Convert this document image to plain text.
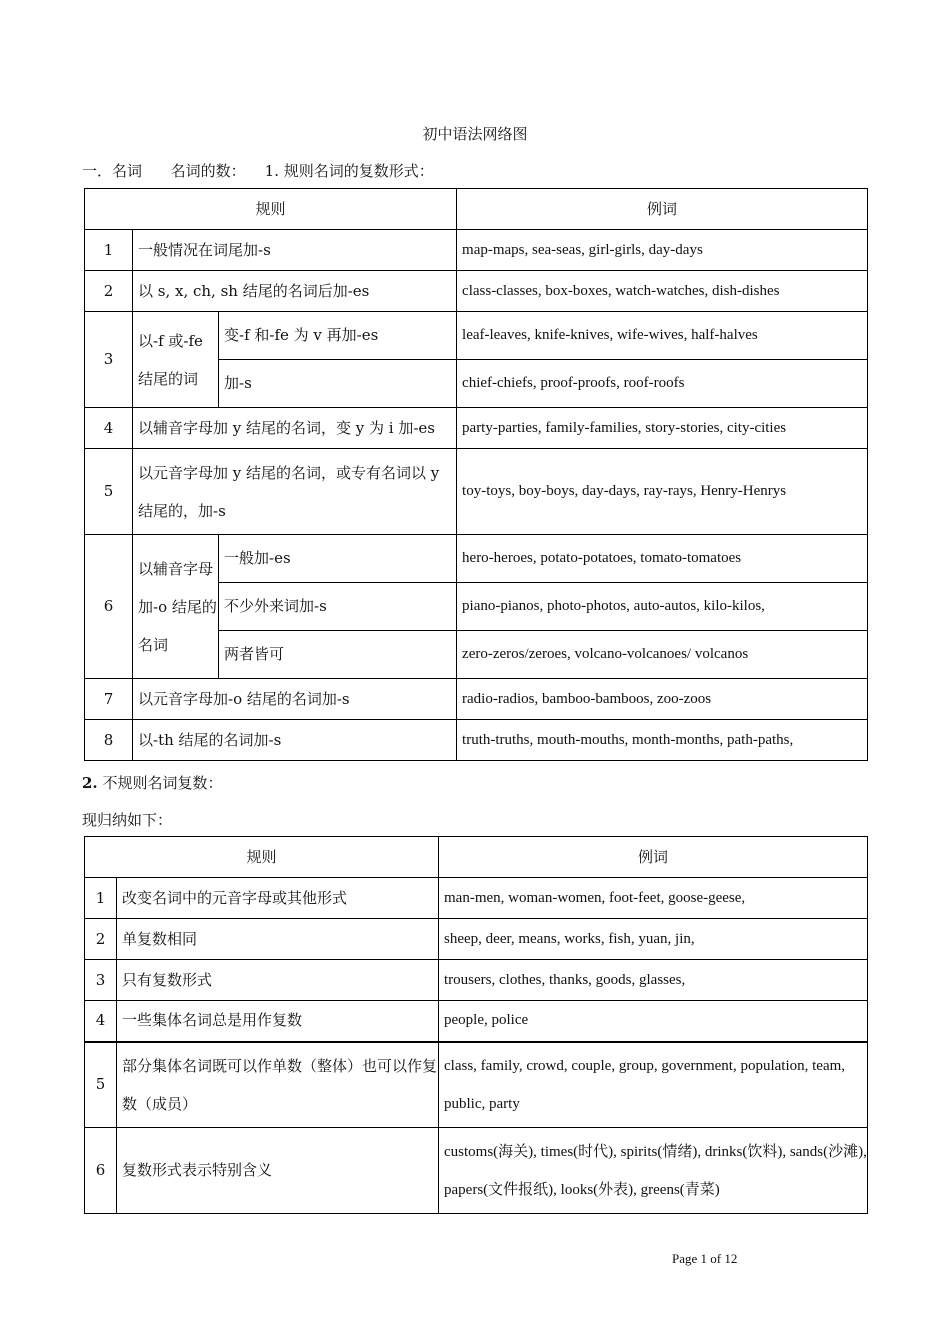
初中语法网络图
一．名词      名词的数：    1. 规则名词的复数形式：
规则			例词
1	一般情况在词尾加-s		map-maps, sea-seas, girl-girls, day-days
2	以 s, x, ch, sh 结尾的名词后加-es		class-classes, box-boxes, watch-watches, dish-dishes
3	以-f 或-fe 结尾的词	变-f 和-fe 为 v 再加-es	leaf-leaves, knife-knives, wife-wives, half-halves
		加-s	chief-chiefs, proof-proofs, roof-roofs
4	以辅音字母加 y 结尾的名词，变 y 为 i 加-es		party-parties, family-families, story-stories, city-cities
5	以元音字母加 y 结尾的名词，或专有名词以 y 结尾的，加-s		toy-toys, boy-boys, day-days, ray-rays, Henry-Henrys
6	以辅音字母加-o 结尾的名词	一般加-es	hero-heroes, potato-potatoes, tomato-tomatoes
		不少外来词加-s	piano-pianos, photo-photos, auto-autos, kilo-kilos,
		两者皆可	zero-zeros/zeroes, volcano-volcanoes/ volcanos
7	以元音字母加-o 结尾的名词加-s		radio-radios, bamboo-bamboos, zoo-zoos
8	以-th 结尾的名词加-s		truth-truths, mouth-mouths, month-months, path-paths,
2. 不规则名词复数：
现归纳如下：
规则		例词
1	改变名词中的元音字母或其他形式	man-men, woman-women, foot-feet, goose-geese,
2	单复数相同	sheep, deer, means, works, fish, yuan, jin,
3	只有复数形式	trousers, clothes, thanks, goods, glasses,
4	一些集体名词总是用作复数	people, police
5	部分集体名词既可以作单数（整体）也可以作复数（成员）	class, family, crowd, couple, group, government, population, team, public, party
6	复数形式表示特别含义	customs(海关), times(时代), spirits(情绪), drinks(饮料), sands(沙滩), papers(文件报纸), looks(外表), greens(青菜)
Page 1 of 12
